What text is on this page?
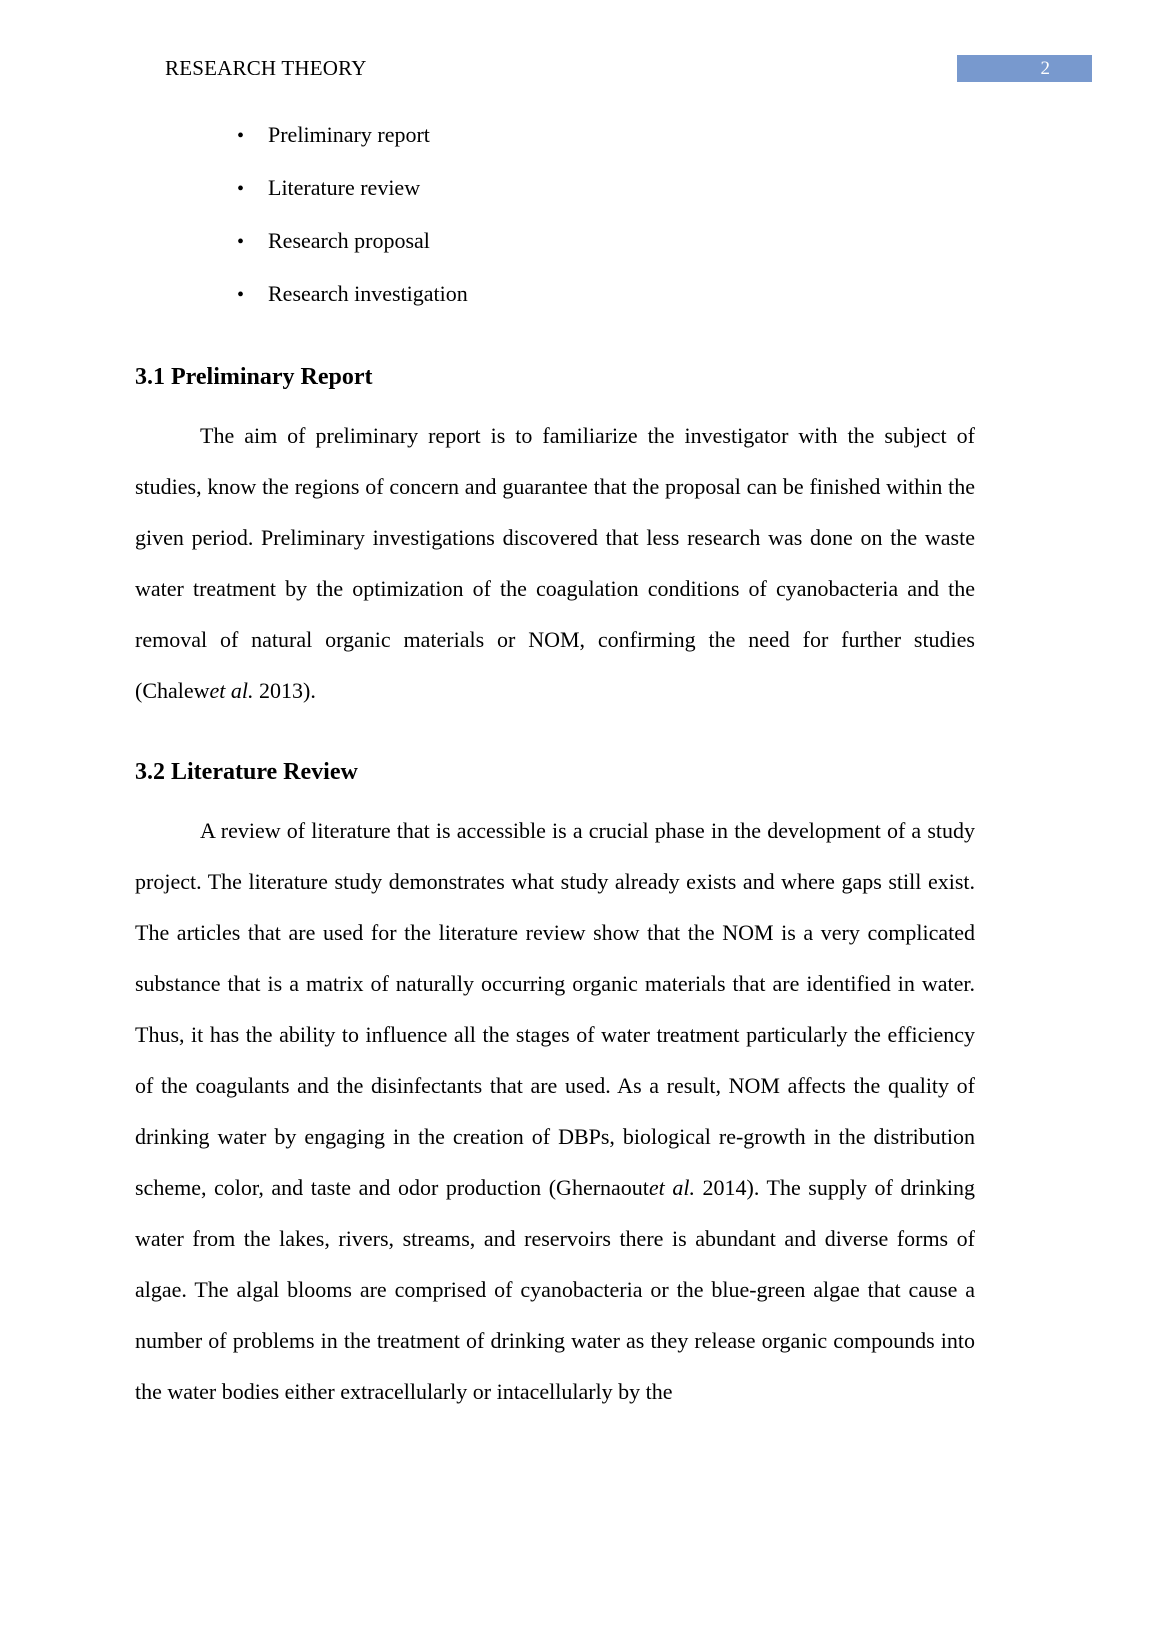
RESEARCH THEORY	2
•
Preliminary report
•
Literature review
•
Research proposal
•
Research investigation
3.1 Preliminary Report

The aim of preliminary report is to familiarize the investigator with the subject of studies, know the regions of concern and guarantee that the proposal can be finished within the given period. Preliminary investigations discovered that less research was done on the waste water treatment by the optimization of the coagulation conditions of cyanobacteria and the removal of natural organic materials or NOM, confirming the need for further studies (Chalewet al. 2013).

3.2 Literature Review

A review of literature that is accessible is a crucial phase in the development of a study project. The literature study demonstrates what study already exists and where gaps still exist. The articles that are used for the literature review show that the NOM is a very complicated substance that is a matrix of naturally occurring organic materials that are identified in water. Thus, it has the ability to influence all the stages of water treatment particularly the efficiency of the coagulants and the disinfectants that are used. As a result, NOM affects the quality of drinking water by engaging in the creation of DBPs, biological re-growth in the distribution scheme, color, and taste and odor production (Ghernaoutet al. 2014). The supply of drinking water from the lakes, rivers, streams, and reservoirs there is abundant and diverse forms of algae. The algal blooms are comprised of cyanobacteria or the blue-green algae that cause a number of problems in the treatment of drinking water as they release organic compounds into the water bodies either extracellularly or intacellularly by the
